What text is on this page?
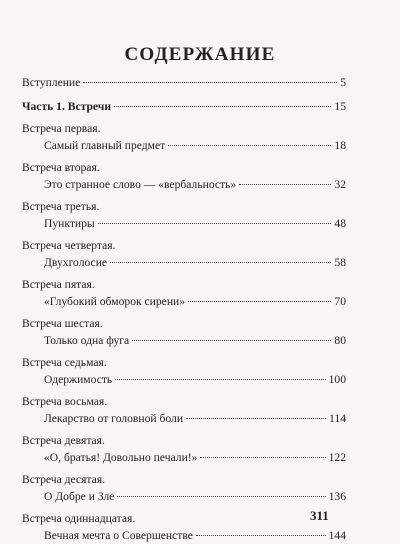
СОДЕРЖАНИЕ
Вступление	5
Часть 1. Встречи	15
Встреча первая.
Самый главный предмет	18
Встреча вторая.
Это странное слово — «вербальность»	32
Встреча третья.
Пунктиры	48
Встреча четвертая.
Двухголосие	58
Встреча пятая.
«Глубокий обморок сирени»	70
Встреча шестая.
Только одна фуга	80
Встреча седьмая.
Одержимость	100
Встреча восьмая.
Лекарство от головной боли	114
Встреча девятая.
«О, братья! Довольно печали!»	122
Встреча десятая.
О Добре и Зле	136
Встреча одиннадцатая.
Вечная мечта о Совершенстве	144
311
